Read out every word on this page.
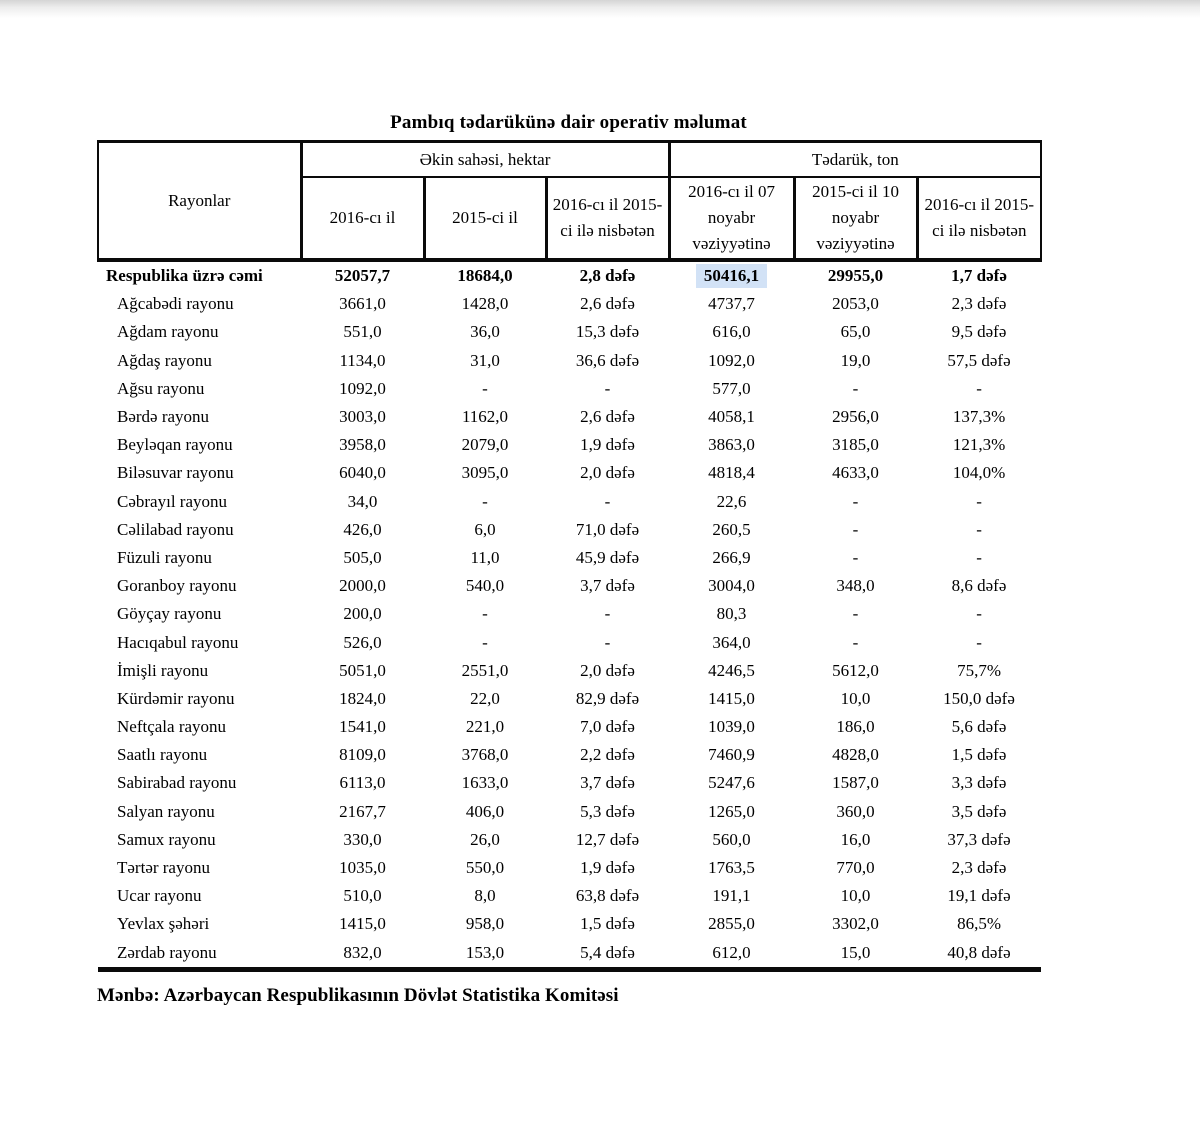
Pambıq tədarükünə dair operativ məlumat
Rayonlar	Əkin sahəsi, hektar			Tədarük, ton		
	2016-cı il	2015-ci il	2016-cı il 2015-ci ilə nisbətən	2016-cı il 07 noyabr vəziyyətinə	2015-ci il 10 noyabr vəziyyətinə	2016-cı il 2015-ci ilə nisbətən
Respublika üzrə cəmi	52057,7	18684,0	2,8 dəfə	50416,1	29955,0	1,7 dəfə
Ağcabədi rayonu	3661,0	1428,0	2,6 dəfə	4737,7	2053,0	2,3 dəfə
Ağdam rayonu	551,0	36,0	15,3 dəfə	616,0	65,0	9,5 dəfə
Ağdaş rayonu	1134,0	31,0	36,6 dəfə	1092,0	19,0	57,5 dəfə
Ağsu rayonu	1092,0	-	-	577,0	-	-
Bərdə rayonu	3003,0	1162,0	2,6 dəfə	4058,1	2956,0	137,3%
Beyləqan rayonu	3958,0	2079,0	1,9 dəfə	3863,0	3185,0	121,3%
Biləsuvar rayonu	6040,0	3095,0	2,0 dəfə	4818,4	4633,0	104,0%
Cəbrayıl rayonu	34,0	-	-	22,6	-	-
Cəlilabad rayonu	426,0	6,0	71,0 dəfə	260,5	-	-
Füzuli rayonu	505,0	11,0	45,9 dəfə	266,9	-	-
Goranboy rayonu	2000,0	540,0	3,7 dəfə	3004,0	348,0	8,6 dəfə
Göyçay rayonu	200,0	-	-	80,3	-	-
Hacıqabul rayonu	526,0	-	-	364,0	-	-
İmişli rayonu	5051,0	2551,0	2,0 dəfə	4246,5	5612,0	75,7%
Kürdəmir rayonu	1824,0	22,0	82,9 dəfə	1415,0	10,0	150,0 dəfə
Neftçala rayonu	1541,0	221,0	7,0 dəfə	1039,0	186,0	5,6 dəfə
Saatlı rayonu	8109,0	3768,0	2,2 dəfə	7460,9	4828,0	1,5 dəfə
Sabirabad rayonu	6113,0	1633,0	3,7 dəfə	5247,6	1587,0	3,3 dəfə
Salyan rayonu	2167,7	406,0	5,3 dəfə	1265,0	360,0	3,5 dəfə
Samux rayonu	330,0	26,0	12,7 dəfə	560,0	16,0	37,3 dəfə
Tərtər rayonu	1035,0	550,0	1,9 dəfə	1763,5	770,0	2,3 dəfə
Ucar rayonu	510,0	8,0	63,8 dəfə	191,1	10,0	19,1 dəfə
Yevlax şəhəri	1415,0	958,0	1,5 dəfə	2855,0	3302,0	86,5%
Zərdab rayonu	832,0	153,0	5,4 dəfə	612,0	15,0	40,8 dəfə
Mənbə: Azərbaycan Respublikasının Dövlət Statistika Komitəsi
